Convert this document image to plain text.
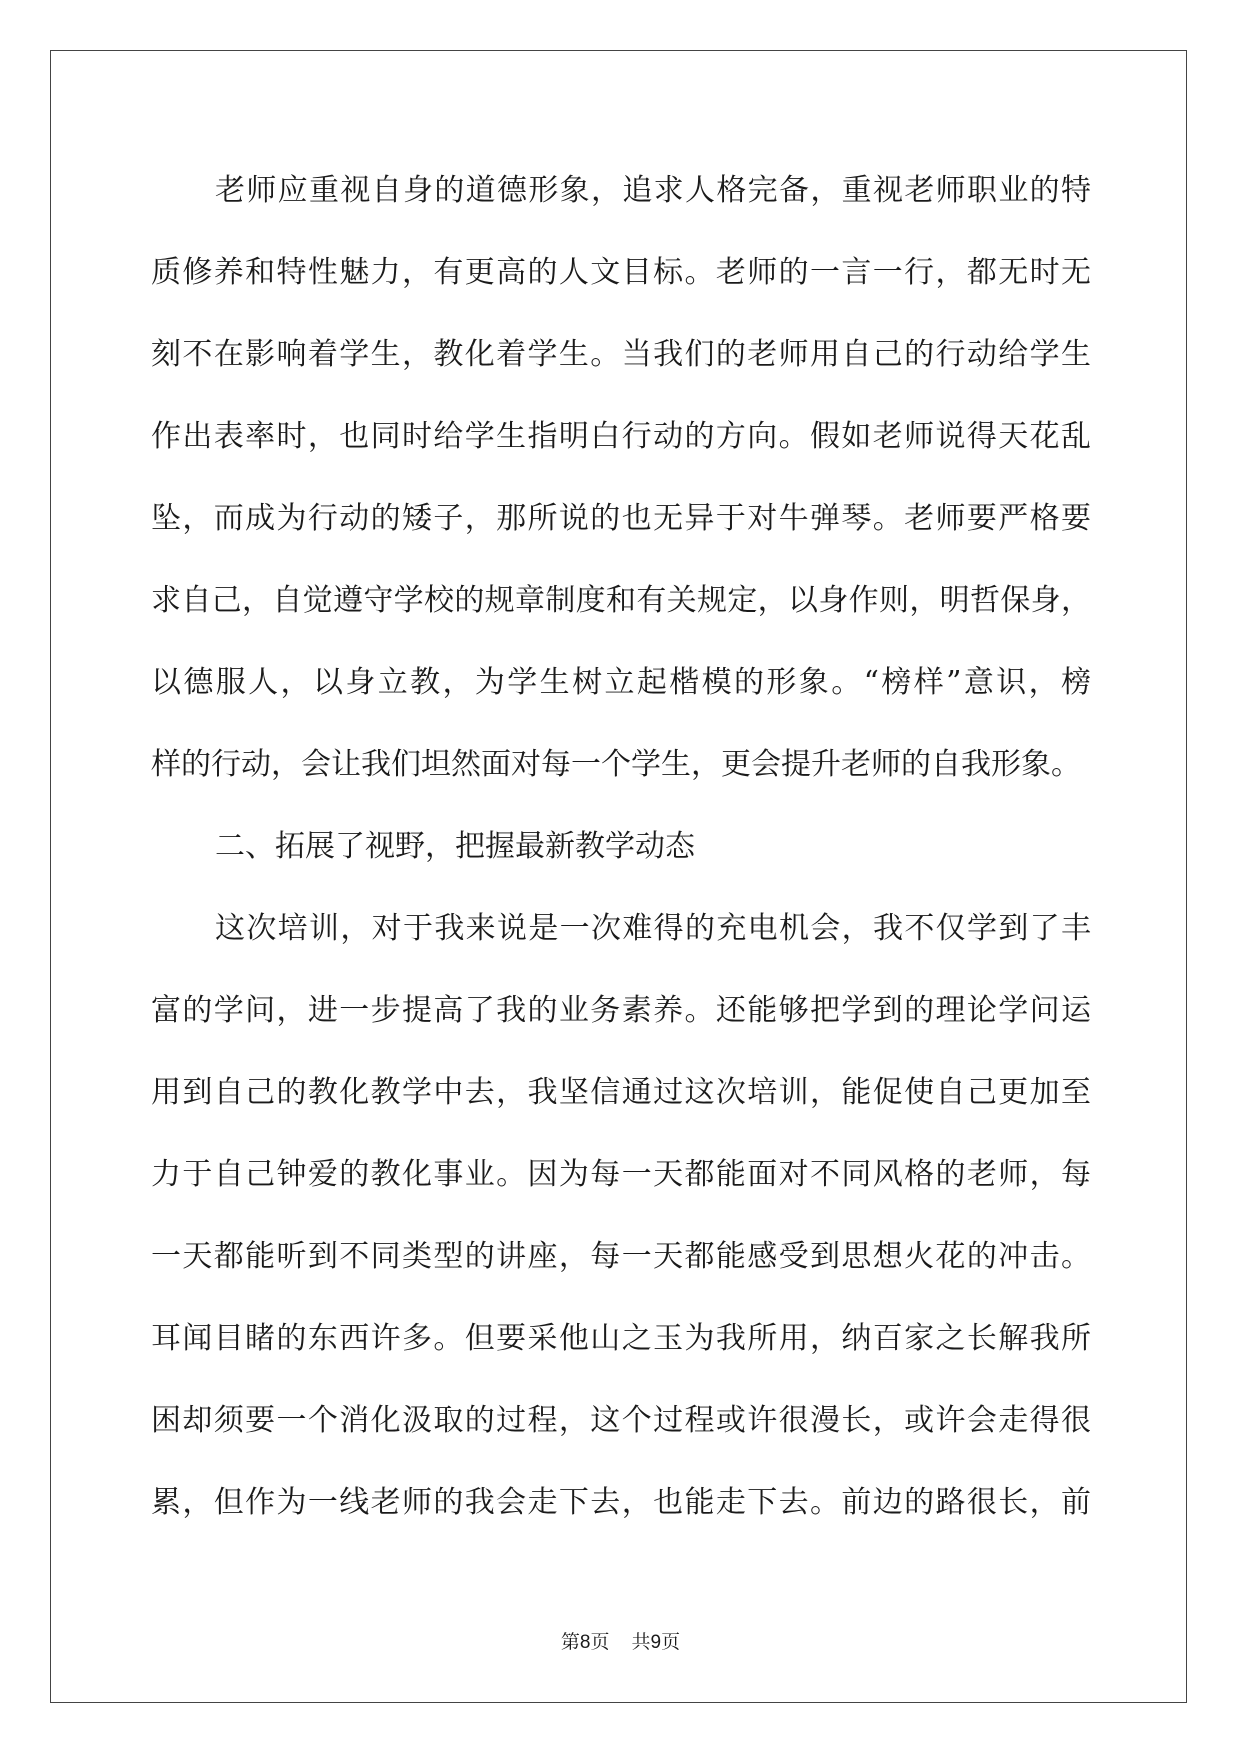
老师应重视自身的道德形象，追求人格完备，重视老师职业的特
质修养和特性魅力，有更高的人文目标。老师的一言一行，都无时无
刻不在影响着学生，教化着学生。当我们的老师用自己的行动给学生
作出表率时，也同时给学生指明白行动的方向。假如老师说得天花乱
坠，而成为行动的矮子，那所说的也无异于对牛弹琴。老师要严格要
求自己，自觉遵守学校的规章制度和有关规定，以身作则，明哲保身，
以德服人，以身立教，为学生树立起楷模的形象。“榜样”意识，榜
样的行动，会让我们坦然面对每一个学生，更会提升老师的自我形象。
二、拓展了视野，把握最新教学动态
这次培训，对于我来说是一次难得的充电机会，我不仅学到了丰
富的学问，进一步提高了我的业务素养。还能够把学到的理论学问运
用到自己的教化教学中去，我坚信通过这次培训，能促使自己更加至
力于自己钟爱的教化事业。因为每一天都能面对不同风格的老师，每
一天都能听到不同类型的讲座，每一天都能感受到思想火花的冲击。
耳闻目睹的东西许多。但要采他山之玉为我所用，纳百家之长解我所
困却须要一个消化汲取的过程，这个过程或许很漫长，或许会走得很
累，但作为一线老师的我会走下去，也能走下去。前边的路很长，前
第8页 共9页
